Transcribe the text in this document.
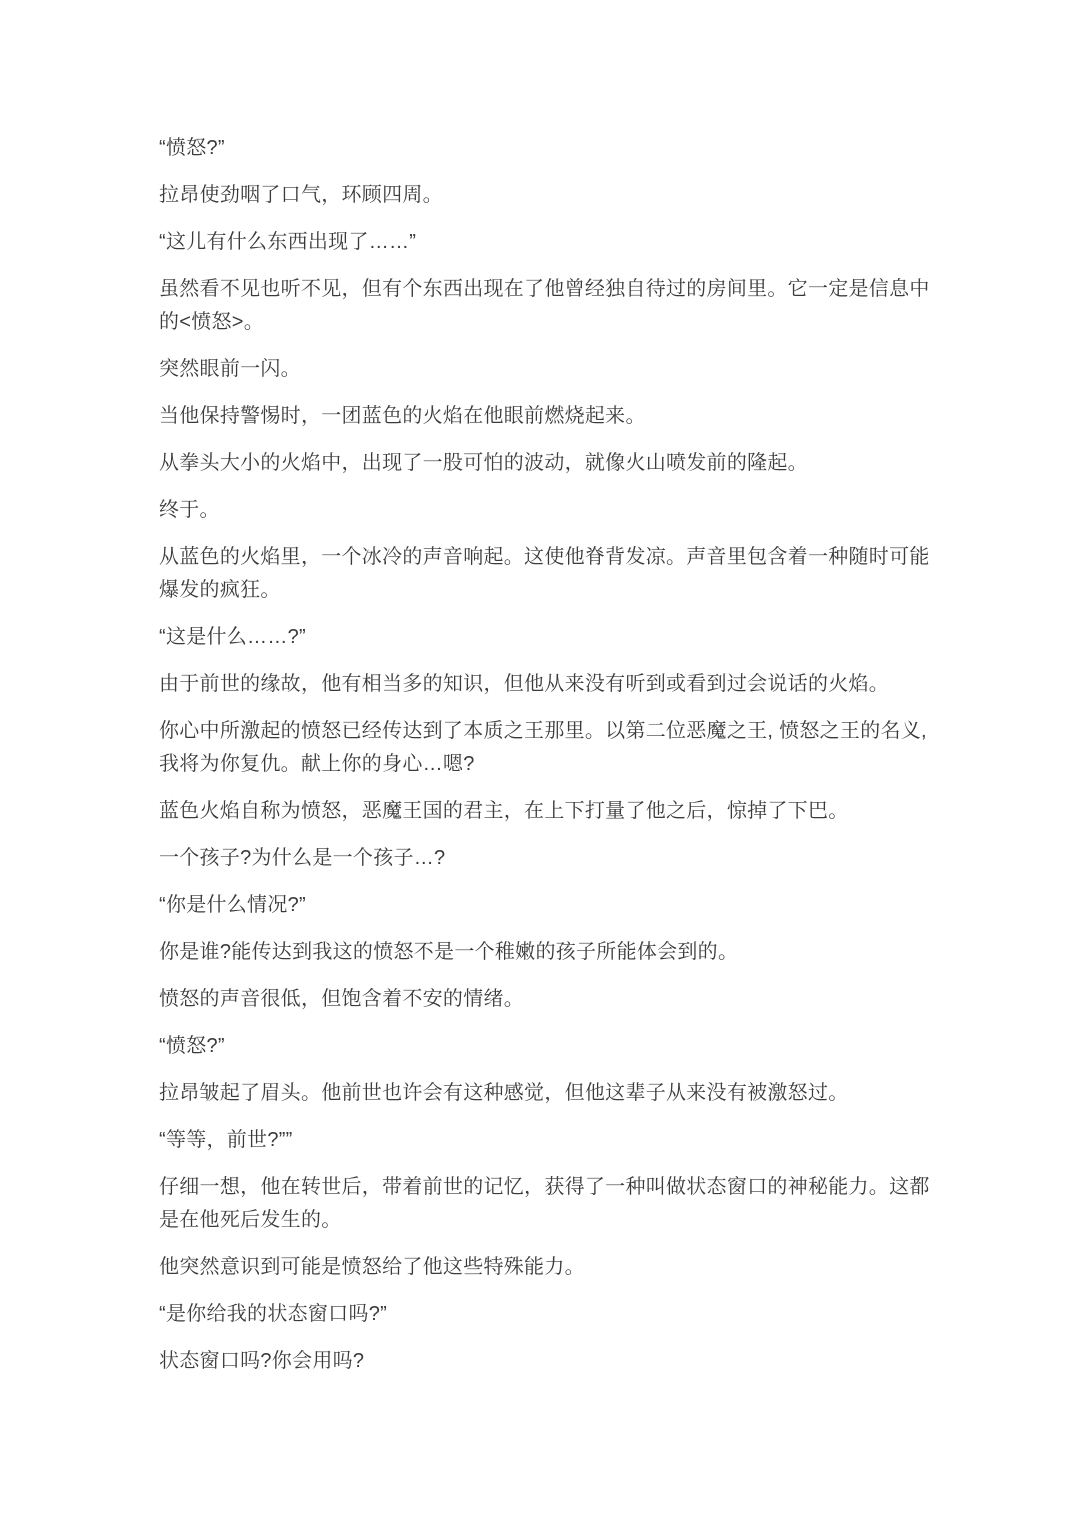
“愤怒?”

拉昂使劲咽了口气，环顾四周。

“这儿有什么东西出现了……”

虽然看不见也听不见，但有个东西出现在了他曾经独自待过的房间里。它一定是信息中的<愤怒>。

突然眼前一闪。

当他保持警惕时，一团蓝色的火焰在他眼前燃烧起来。

从拳头大小的火焰中，出现了一股可怕的波动，就像火山喷发前的隆起。

终于。

从蓝色的火焰里，一个冰冷的声音响起。这使他脊背发凉。声音里包含着一种随时可能爆发的疯狂。

“这是什么……?”

由于前世的缘故，他有相当多的知识，但他从来没有听到或看到过会说话的火焰。

你心中所激起的愤怒已经传达到了本质之王那里。以第二位恶魔之王, 愤怒之王的名义, 我将为你复仇。献上你的身心…嗯?

蓝色火焰自称为愤怒，恶魔王国的君主，在上下打量了他之后，惊掉了下巴。

一个孩子?为什么是一个孩子…?

“你是什么情况?”

你是谁?能传达到我这的愤怒不是一个稚嫩的孩子所能体会到的。

愤怒的声音很低，但饱含着不安的情绪。

“愤怒?”

拉昂皱起了眉头。他前世也许会有这种感觉，但他这辈子从来没有被激怒过。

“等等，前世?””

仔细一想，他在转世后，带着前世的记忆，获得了一种叫做状态窗口的神秘能力。这都是在他死后发生的。

他突然意识到可能是愤怒给了他这些特殊能力。

“是你给我的状态窗口吗?”

状态窗口吗?你会用吗?
